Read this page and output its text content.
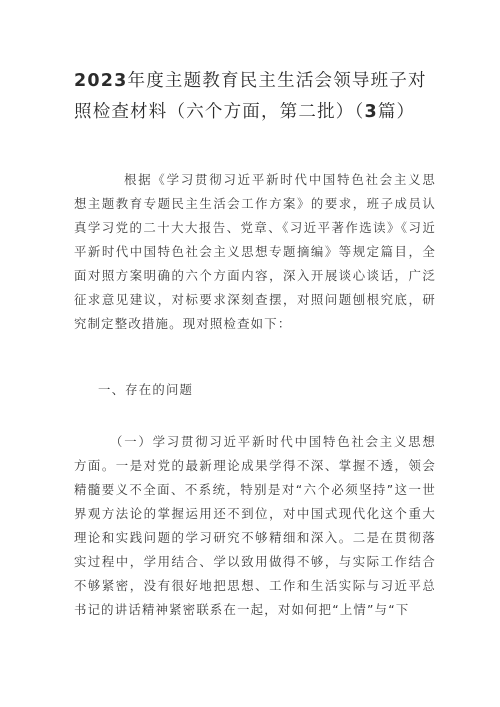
2023年度主题教育民主生活会领导班子对照检查材料（六个方面，第二批）（3篇）

根据《学习贯彻习近平新时代中国特色社会主义思想主题教育专题民主生活会工作方案》的要求，班子成员认真学习党的二十大大报告、党章、《习近平著作选读》《习近平新时代中国特色社会主义思想专题摘编》等规定篇目，全面对照方案明确的六个方面内容，深入开展谈心谈话，广泛征求意见建议，对标要求深刻查摆，对照问题刨根究底，研究制定整改措施。现对照检查如下：

一、存在的问题

（一）学习贯彻习近平新时代中国特色社会主义思想方面。一是对党的最新理论成果学得不深、掌握不透，领会精髓要义不全面、不系统，特别是对“六个必须坚持”这一世界观方法论的掌握运用还不到位，对中国式现代化这个重大理论和实践问题的学习研究不够精细和深入。二是在贯彻落实过程中，学用结合、学以致用做得不够，与实际工作结合不够紧密，没有很好地把思想、工作和生活实际与习近平总书记的讲话精神紧密联系在一起，对如何把“上情”与“下
